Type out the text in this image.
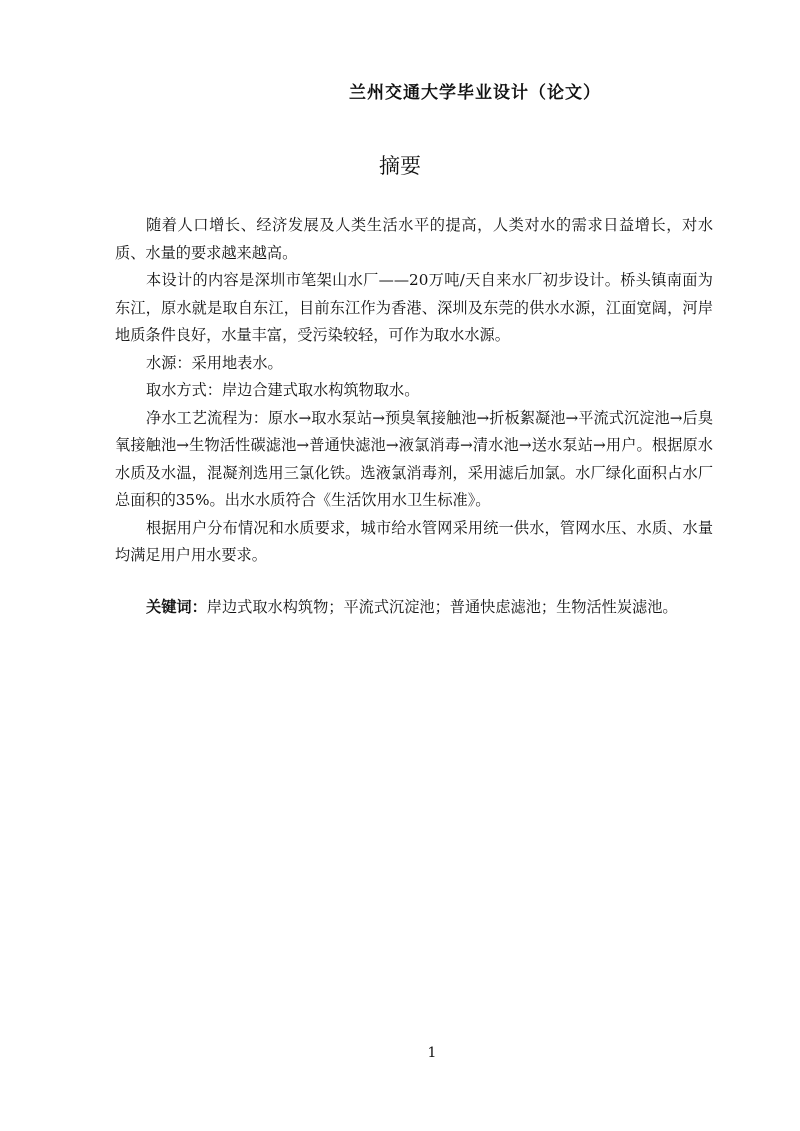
兰州交通大学毕业设计（论文）
摘要

随着人口增长、经济发展及人类生活水平的提高，人类对水的需求日益增长，对水质、水量的要求越来越高。

本设计的内容是深圳市笔架山水厂——20万吨/天自来水厂初步设计。桥头镇南面为东江，原水就是取自东江，目前东江作为香港、深圳及东莞的供水水源，江面宽阔，河岸地质条件良好，水量丰富，受污染较轻，可作为取水水源。

水源：采用地表水。

取水方式：岸边合建式取水构筑物取水。

净水工艺流程为：原水→取水泵站→预臭氧接触池→折板絮凝池→平流式沉淀池→后臭氧接触池→生物活性碳滤池→普通快滤池→液氯消毒→清水池→送水泵站→用户。根据原水水质及水温，混凝剂选用三氯化铁。选液氯消毒剂，采用滤后加氯。水厂绿化面积占水厂总面积的35%。出水水质符合《生活饮用水卫生标准》。

根据用户分布情况和水质要求，城市给水管网采用统一供水，管网水压、水质、水量均满足用户用水要求。

关键词：岸边式取水构筑物；平流式沉淀池；普通快虑滤池；生物活性炭滤池。
1
